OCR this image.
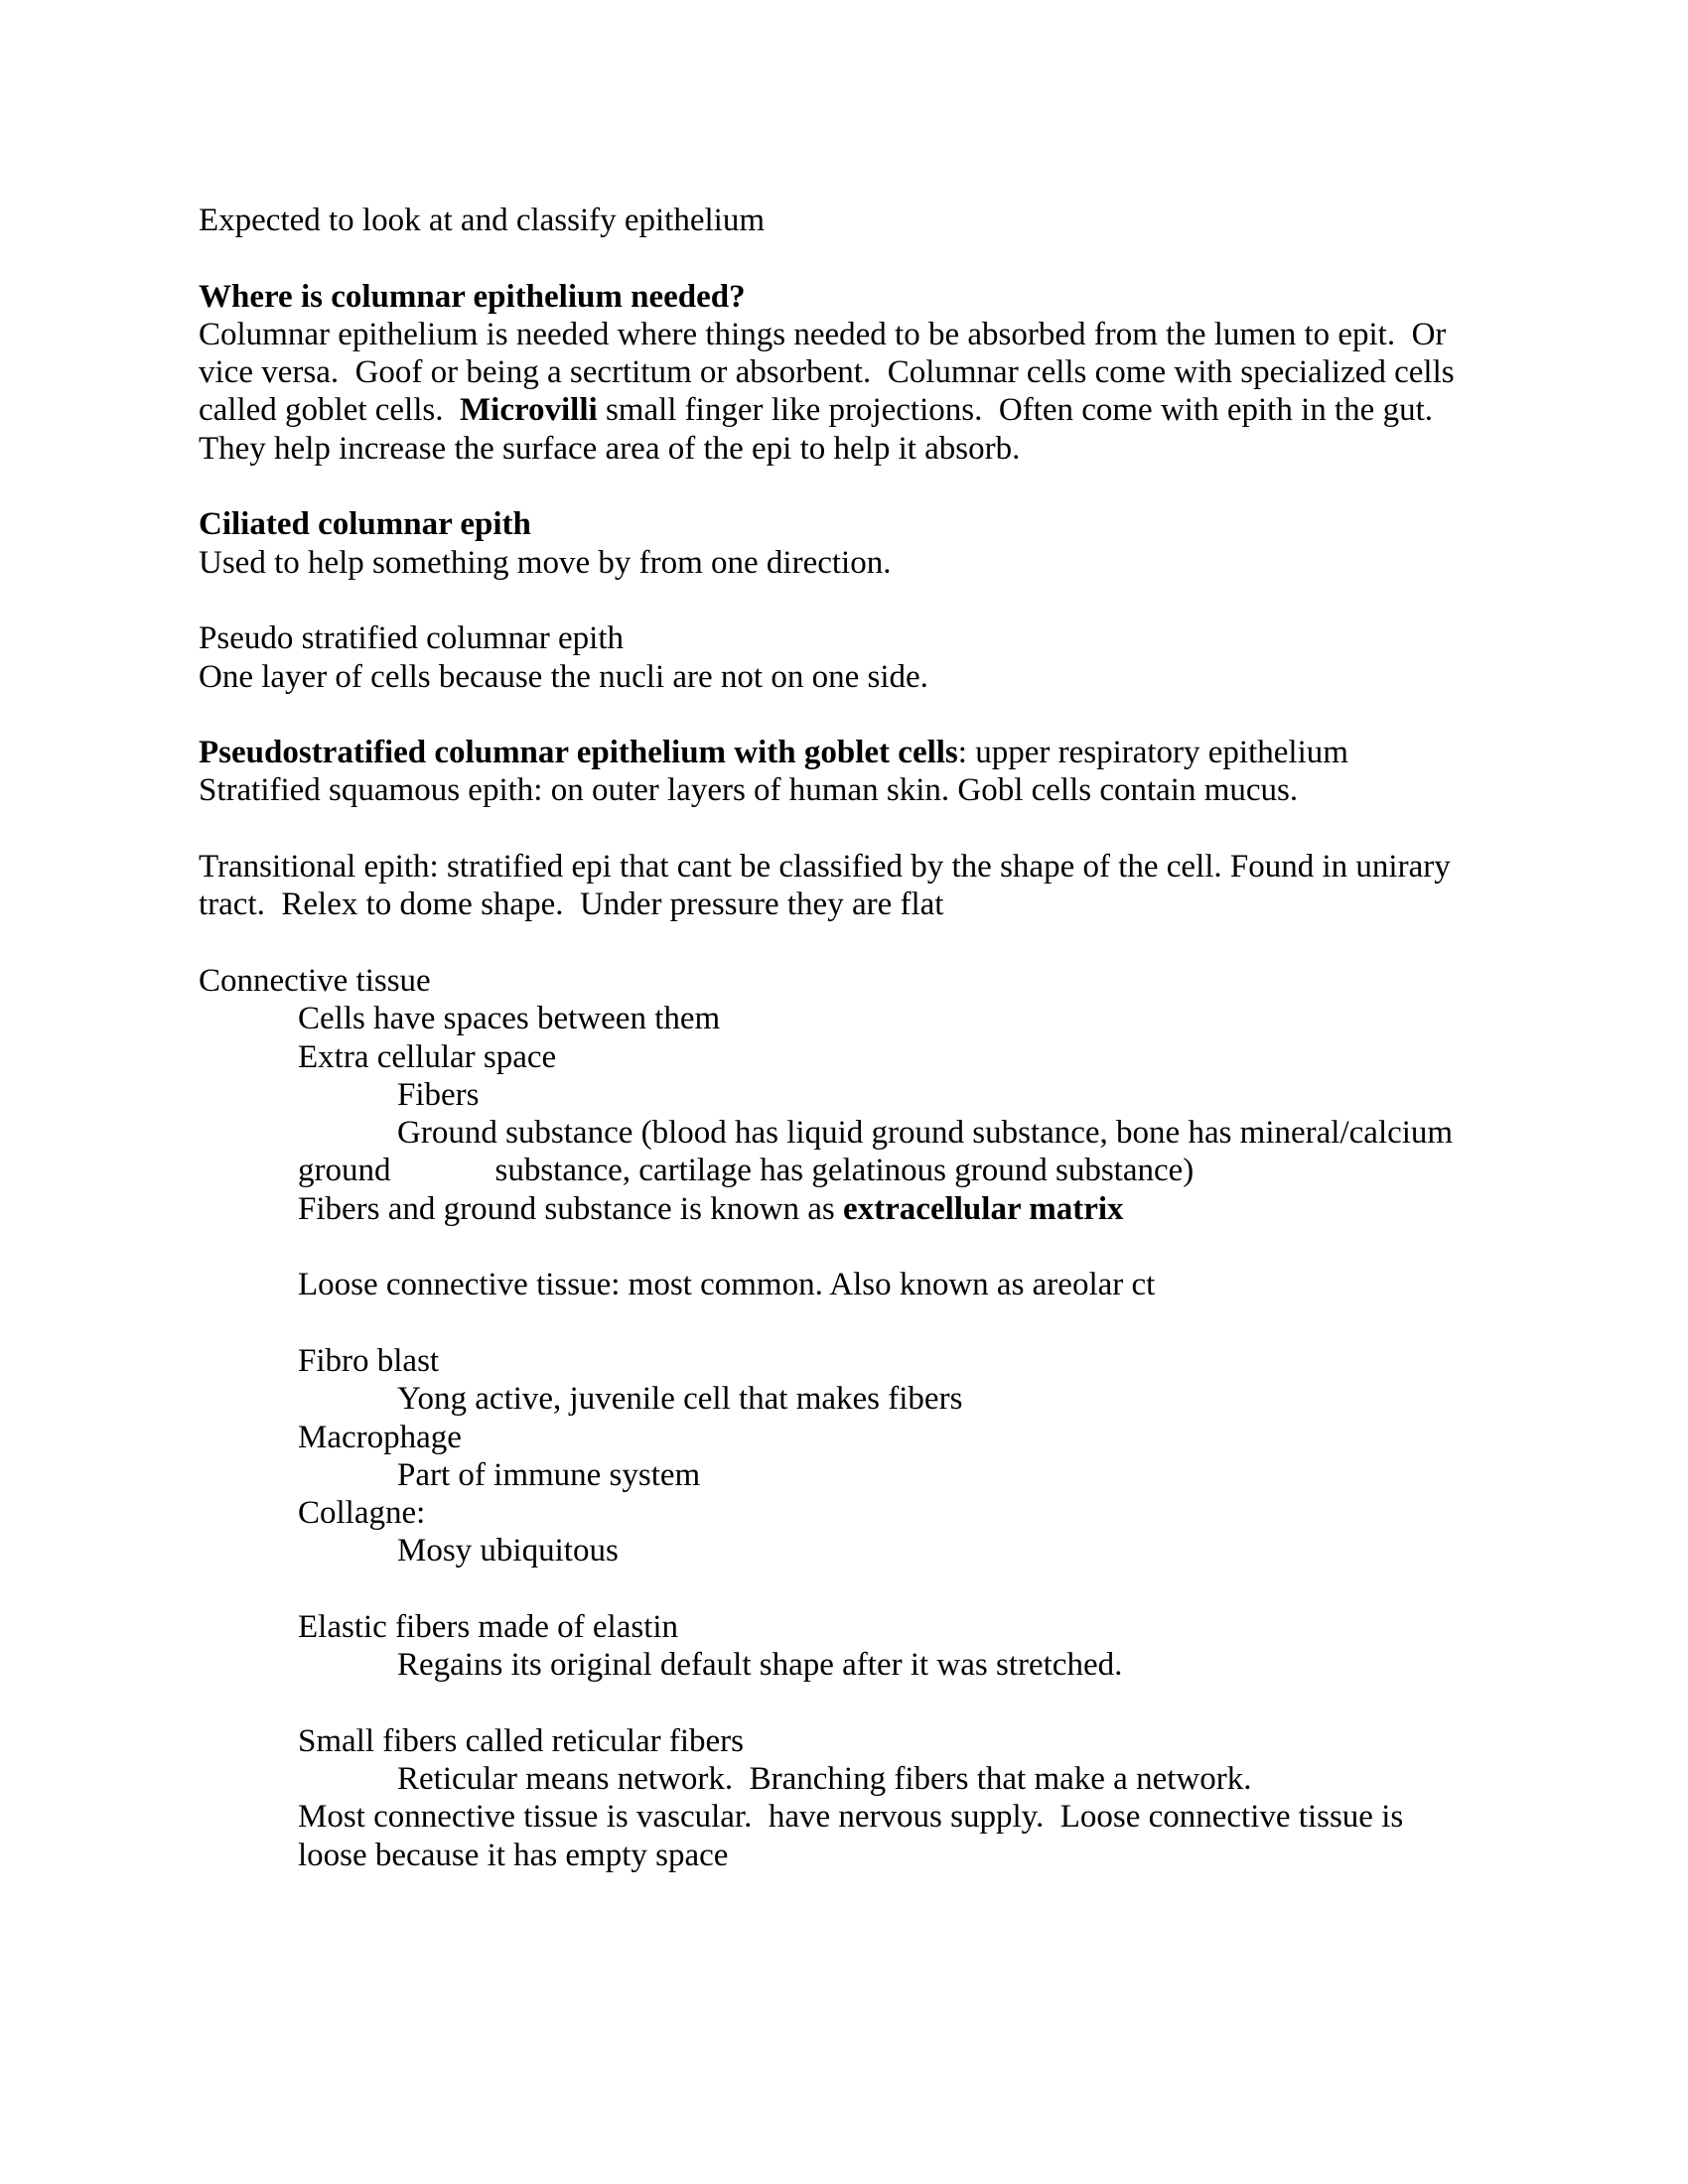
Expected to look at and classify epithelium

Where is columnar epithelium needed?
Columnar epithelium is needed where things needed to be absorbed from the lumen to epit.  Or
vice versa.  Goof or being a secrtitum or absorbent.  Columnar cells come with specialized cells
called goblet cells.  Microvilli small finger like projections.  Often come with epith in the gut.
They help increase the surface area of the epi to help it absorb.

Ciliated columnar epith
Used to help something move by from one direction.

Pseudo stratified columnar epith
One layer of cells because the nucli are not on one side.

Pseudostratified columnar epithelium with goblet cells: upper respiratory epithelium
Stratified squamous epith: on outer layers of human skin. Gobl cells contain mucus.

Transitional epith: stratified epi that cant be classified by the shape of the cell. Found in unirary
tract.  Relex to dome shape.  Under pressure they are flat

Connective tissue
Cells have spaces between them
Extra cellular space
Fibers
Ground substance (blood has liquid ground substance, bone has mineral/calcium
ground	substance, cartilage has gelatinous ground substance)
Fibers and ground substance is known as extracellular matrix

Loose connective tissue: most common. Also known as areolar ct

Fibro blast
Yong active, juvenile cell that makes fibers
Macrophage
Part of immune system
Collagne:
Mosy ubiquitous

Elastic fibers made of elastin
Regains its original default shape after it was stretched.

Small fibers called reticular fibers
Reticular means network.  Branching fibers that make a network.
Most connective tissue is vascular.  have nervous supply.  Loose connective tissue is
loose because it has empty space
